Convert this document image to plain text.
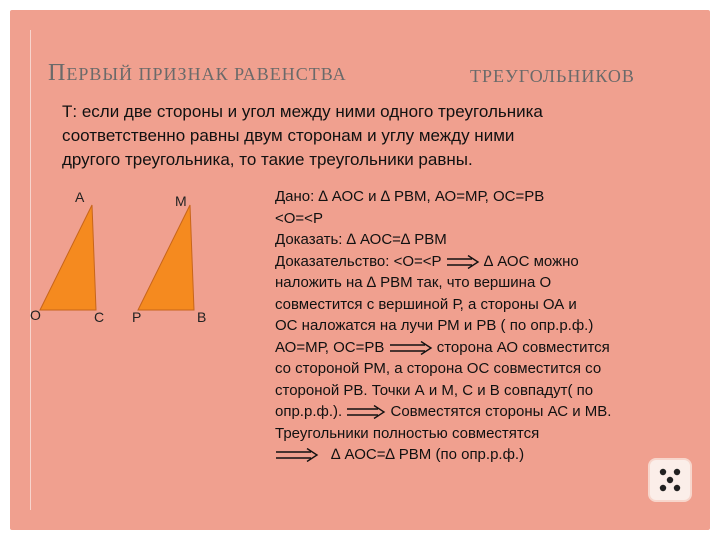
ПЕРВЫЙ ПРИЗНАК РАВЕНСТВА	ТРЕУГОЛЬНИКОВ
Т: если две стороны и угол между ними одного треугольника
соответственно равны двум сторонам и углу между ними
другого треугольника, то такие треугольники равны.
А	М
О	С Р	В
Дано: ∆ АОС и ∆ РВМ, АО=МР, ОС=РВ
<О=<Р
Доказать: ∆ АОС=∆ РВМ
Доказательство: <О=<Р	∆ АОС можно
наложить на ∆ РВМ так, что вершина О
совместится с вершиной Р, а стороны ОА и
ОС наложатся на лучи РМ и РВ ( по опр.р.ф.)
АО=МР, ОС=РВ	сторона АО совместится
со стороной РМ, а сторона ОС совместится со
стороной РВ. Точки А и М, С и В совпадут( по
опр.р.ф.).	Совместятся стороны АС и МВ.
Треугольники полностью совместятся
∆ АОС=∆ РВМ (по опр.р.ф.)
